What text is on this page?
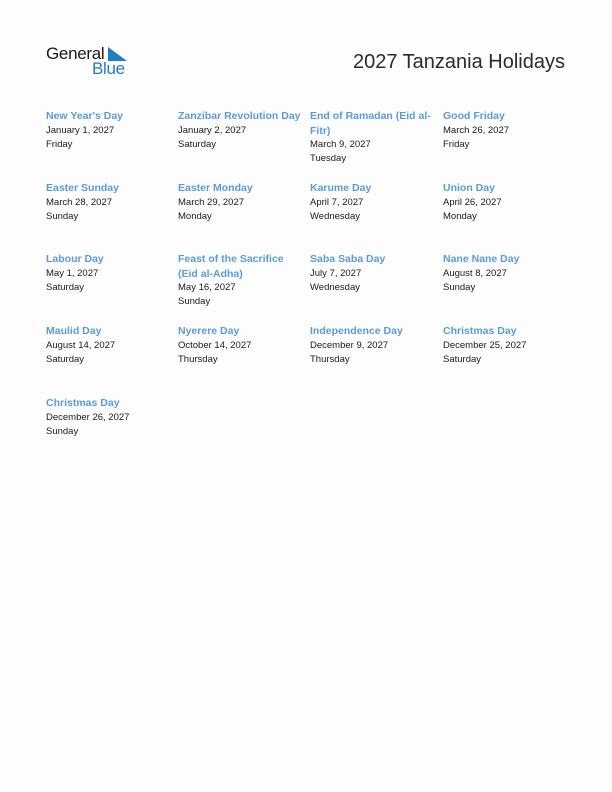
General
Blue	2027 Tanzania Holidays
New Year's Day
January 1, 2027
Friday
Zanzibar Revolution Day
January 2, 2027
Saturday
End of Ramadan (Eid al-Fitr)
March 9, 2027
Tuesday
Good Friday
March 26, 2027
Friday
Easter Sunday
March 28, 2027
Sunday
Easter Monday
March 29, 2027
Monday
Karume Day
April 7, 2027
Wednesday
Union Day
April 26, 2027
Monday
Labour Day
May 1, 2027
Saturday
Feast of the Sacrifice (Eid al-Adha)
May 16, 2027
Sunday
Saba Saba Day
July 7, 2027
Wednesday
Nane Nane Day
August 8, 2027
Sunday
Maulid Day
August 14, 2027
Saturday
Nyerere Day
October 14, 2027
Thursday
Independence Day
December 9, 2027
Thursday
Christmas Day
December 25, 2027
Saturday
Christmas Day
December 26, 2027
Sunday
